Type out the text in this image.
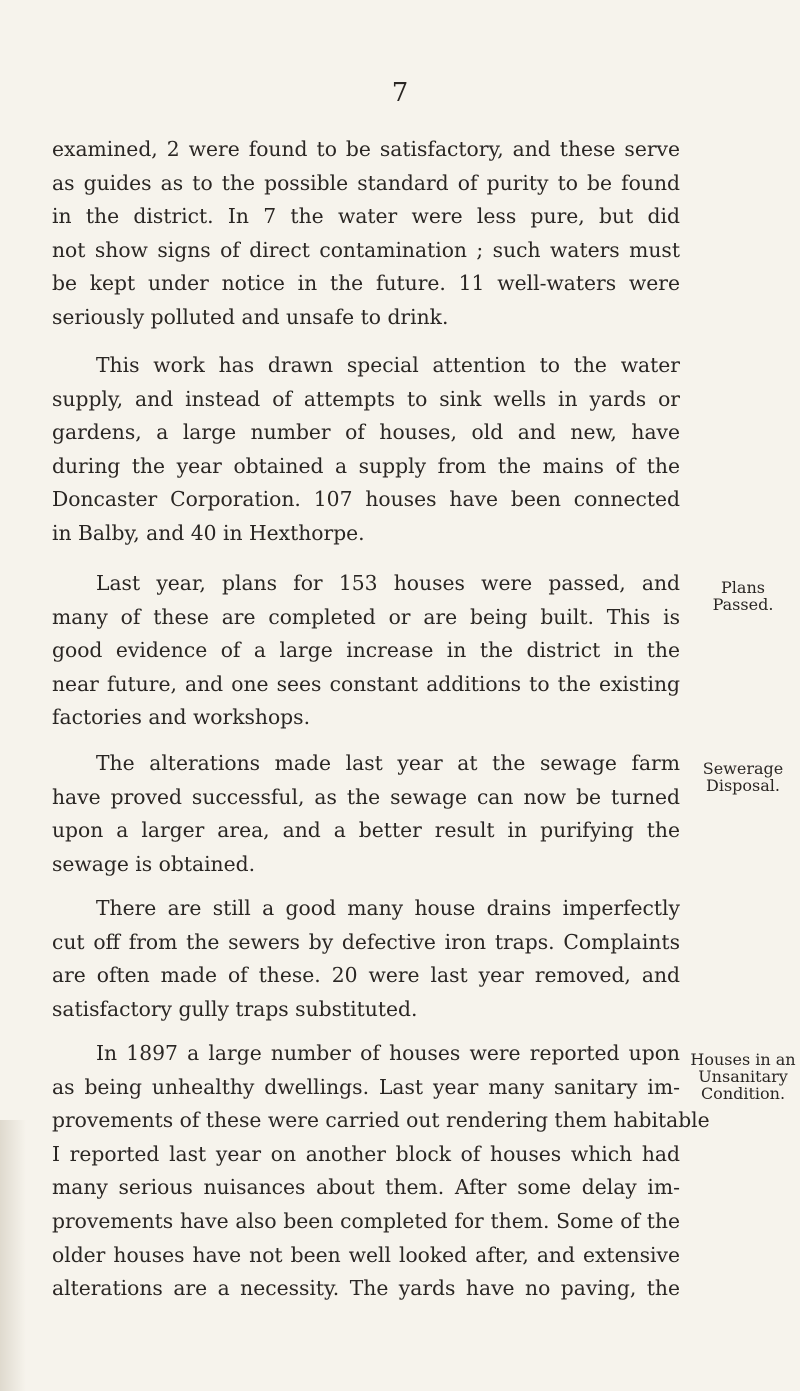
7

examined, 2 were found to be satisfactory, and these serve
as guides as to the possible standard of purity to be found
in the district. In 7 the water were less pure, but did
not show signs of direct contamination ; such waters must
be kept under notice in the future. 11 well-waters were
seriously polluted and unsafe to drink.

This work has drawn special attention to the water
supply, and instead of attempts to sink wells in yards or
gardens, a large number of houses, old and new, have
during the year obtained a supply from the mains of the
Doncaster Corporation. 107 houses have been connected
in Balby, and 40 in Hexthorpe.

Last year, plans for 153 houses were passed, and
many of these are completed or are being built. This is
good evidence of a large increase in the district in the
near future, and one sees constant additions to the existing
factories and workshops.

The alterations made last year at the sewage farm
have proved successful, as the sewage can now be turned
upon a larger area, and a better result in purifying the
sewage is obtained.

There are still a good many house drains imperfectly
cut off from the sewers by defective iron traps. Complaints
are often made of these. 20 were last year removed, and
satisfactory gully traps substituted.

In 1897 a large number of houses were reported upon
as being unhealthy dwellings. Last year many sanitary im-
provements of these were carried out rendering them habitable
I reported last year on another block of houses which had
many serious nuisances about them. After some delay im-
provements have also been completed for them. Some of the
older houses have not been well looked after, and extensive
alterations are a necessity. The yards have no paving, the

Plans
Passed.
Sewerage
Disposal.
Houses in an
Unsanitary
Condition.
